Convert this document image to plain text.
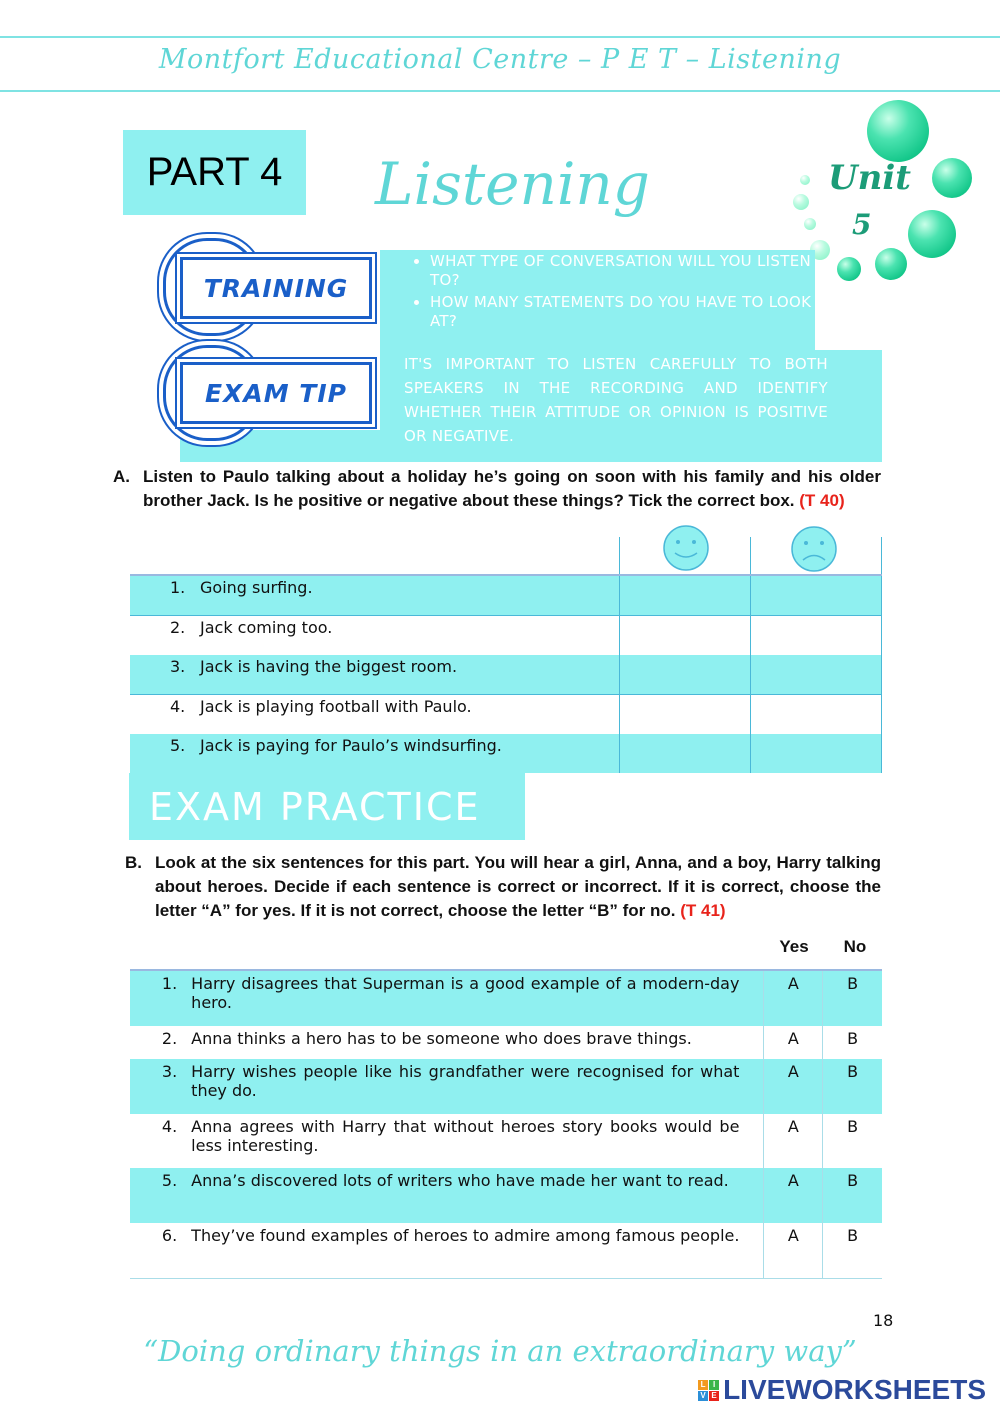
Montfort Educational Centre – P E T – Listening
PART 4	Listening	Unit
5
TRAINING
EXAM TIP
• WHAT TYPE OF CONVERSATION WILL YOU LISTEN TO?
• HOW MANY STATEMENTS DO YOU HAVE TO LOOK AT?
IT'S IMPORTANT TO LISTEN CAREFULLY TO BOTH SPEAKERS IN THE RECORDING AND IDENTIFY WHETHER THEIR ATTITUDE OR OPINION IS POSITIVE OR NEGATIVE.
A. Listen to Paulo talking about a holiday he’s going on soon with his family and his older brother Jack. Is he positive or negative about these things? Tick the correct box. (T 40)
1. Going surfing.		
2. Jack coming too.		
3. Jack is having the biggest room.		
4. Jack is playing football with Paulo.		
5. Jack is paying for Paulo’s windsurfing.		
EXAM PRACTICE
B. Look at the six sentences for this part. You will hear a girl, Anna, and a boy, Harry talking about heroes. Decide if each sentence is correct or incorrect. If it is correct, choose the letter “A” for yes. If it is not correct, choose the letter “B” for no. (T 41)
Yes	No
1.	Harry disagrees that Superman is a good example of a modern-day hero.	A	B
2.	Anna thinks a hero has to be someone who does brave things.	A	B
3.	Harry wishes people like his grandfather were recognised for what they do.	A	B
4.	Anna agrees with Harry that without heroes story books would be less interesting.	A	B
5.	Anna’s discovered lots of writers who have made her want to read.	A	B
6.	They’ve found examples of heroes to admire among famous people.	A	B
18
“Doing ordinary things in an extraordinary way”
L I
V E LIVEWORKSHEETS
